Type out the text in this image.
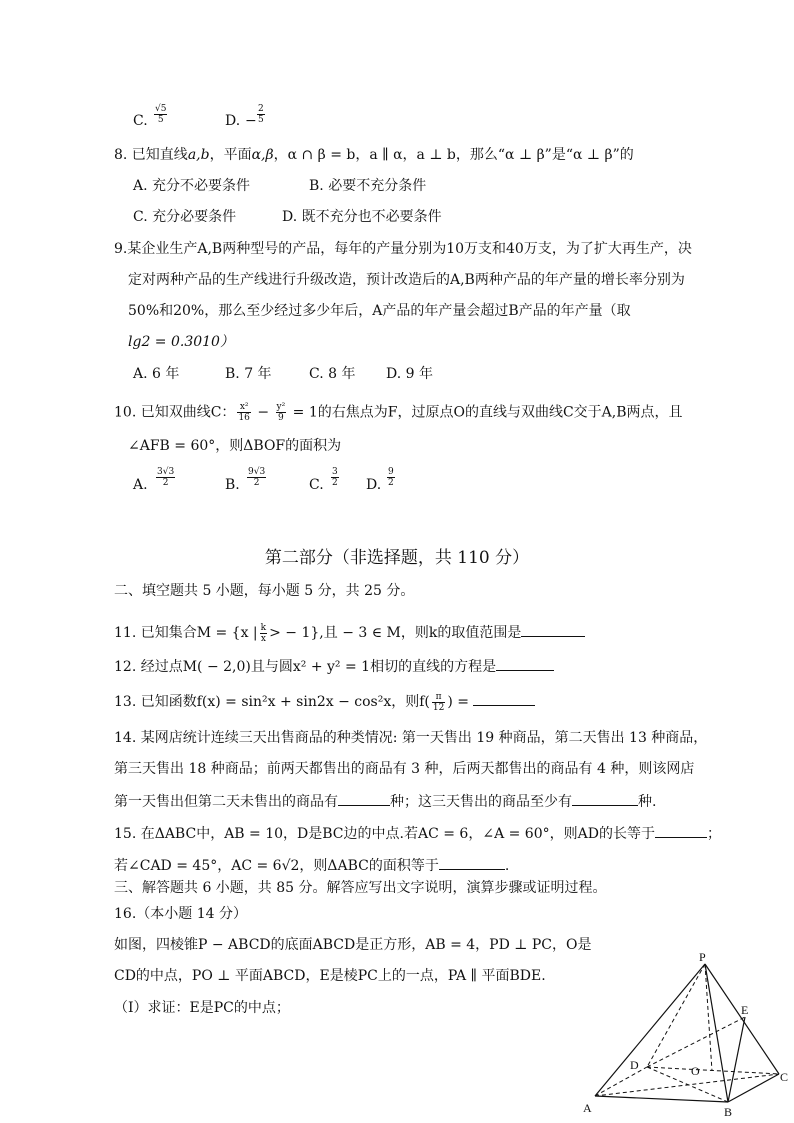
C. $\frac{√5}{5}$	D. − $\frac{2}{5}$
8. 已知直线a,b，平面α,β，α ∩ β = b，a ∥ α，a ⊥ b，那么“α ⊥ β”是“α ⊥ β”的
A. 充分不必要条件	B. 必要不充分条件
C. 充分必要条件	D. 既不充分也不必要条件
9.某企业生产A,B两种型号的产品，每年的产量分别为10万支和40万支，为了扩大再生产，决
定对两种产品的生产线进行升级改造，预计改造后的A,B两种产品的年产量的增长率分别为
50%和20%，那么至少经过多少年后，A产品的年产量会超过B产品的年产量（取
lg2 = 0.3010）
A. 6 年	B. 7 年	C. 8 年 D. 9 年
10. 已知双曲线C： $\frac{\text{x²}}{16} - \frac{\text{y²}}{9} = 1$的右焦点为F，过原点O的直线与双曲线C交于A,B两点，且
∠AFB = 60°，则ΔBOF的面积为
A. $\frac{3√3}{2}$	B. $\frac{9√3}{2}$	C. $\frac{3}{2} D$. $\frac{9}{2}$
第二部分（非选择题，共 110 分）
二、填空题共 5 小题，每小题 5 分，共 25 分。
11. 已知集合M = {x | $\frac{k}{x}$ > − 1},且 − 3 ∈ M，则k的取值范围是
12. 经过点M( − 2,0)且与圆x² + y² = 1相切的直线的方程是
13. 已知函数f(x) = sin²x + sin2x − cos²x，则$f( \frac{\pi}{12}$ ) =
14. 某网店统计连续三天出售商品的种类情况: 第一天售出 19 种商品，第二天售出 13 种商品，
第三天售出 18 种商品；前两天都售出的商品有 3 种，后两天都售出的商品有 4 种，则该网店
第一天售出但第二天未售出的商品有	种；这三天售出的商品至少有	种.
15. 在ΔABC中，AB = 10，D是BC边的中点.若AC = 6，∠A = 60°，则AD的长等于	；
若∠CAD = 45°，AC = 6√2，则ΔABC的面积等于	.
三、解答题共 6 小题，共 85 分。解答应写出文字说明，演算步骤或证明过程。
16.（本小题 14 分）
如图，四棱锥P − ABCD的底面ABCD是正方形，AB = 4，PD ⊥ PC，O是
CD的中点，PO ⊥ 平面ABCD，E是棱PC上的一点，PA ∥ 平面BDE.
（Ⅰ）求证：E是PC的中点；
P
E
D	O	C
A	B
